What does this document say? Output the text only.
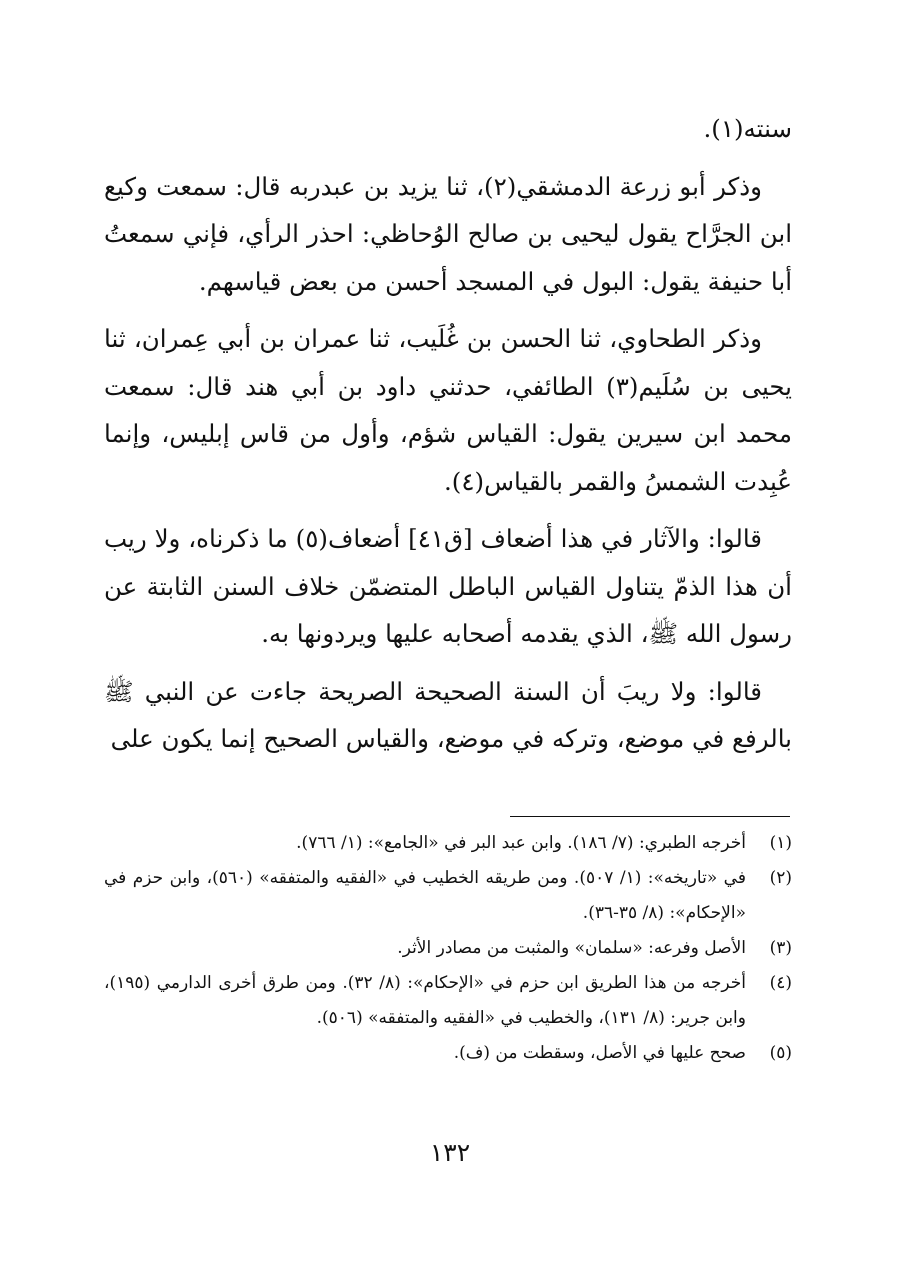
سنته(١).

وذكر أبو زرعة الدمشقي(٢)، ثنا يزيد بن عبدربه قال: سمعت وكيع ابن الجرَّاح يقول ليحيى بن صالح الوُحاظي: احذر الرأي، فإني سمعتُ أبا حنيفة يقول: البول في المسجد أحسن من بعض قياسهم.

وذكر الطحاوي، ثنا الحسن بن غُلَيب، ثنا عمران بن أبي عِمران، ثنا يحيى بن سُلَيم(٣) الطائفي، حدثني داود بن أبي هند قال: سمعت محمد ابن سيرين يقول: القياس شؤم، وأول من قاس إبليس، وإنما عُبِدت الشمسُ والقمر بالقياس(٤).

قالوا: والآثار في هذا أضعاف [ق٤١] أضعاف(٥) ما ذكرناه، ولا ريب أن هذا الذمّ يتناول القياس الباطل المتضمّن خلاف السنن الثابتة عن رسول الله ﷺ، الذي يقدمه أصحابه عليها ويردونها به.

قالوا: ولا ريبَ أن السنة الصحيحة الصريحة جاءت عن النبي ﷺ بالرفع في موضع، وتركه في موضع، والقياس الصحيح إنما يكون على

(١)
أخرجه الطبري: (٧/ ١٨٦). وابن عبد البر في «الجامع»: (١/ ٧٦٦).
(٢)
في «تاريخه»: (١/ ٥٠٧). ومن طريقه الخطيب في «الفقيه والمتفقه» (٥٦٠)، وابن حزم في «الإحكام»: (٨/ ٣٥-٣٦).
(٣)
الأصل وفرعه: «سلمان» والمثبت من مصادر الأثر.
(٤)
أخرجه من هذا الطريق ابن حزم في «الإحكام»: (٨/ ٣٢). ومن طرق أخرى الدارمي (١٩٥)، وابن جرير: (٨/ ١٣١)، والخطيب في «الفقيه والمتفقه» (٥٠٦).
(٥)
صحح عليها في الأصل، وسقطت من (ف).
١٣٢
